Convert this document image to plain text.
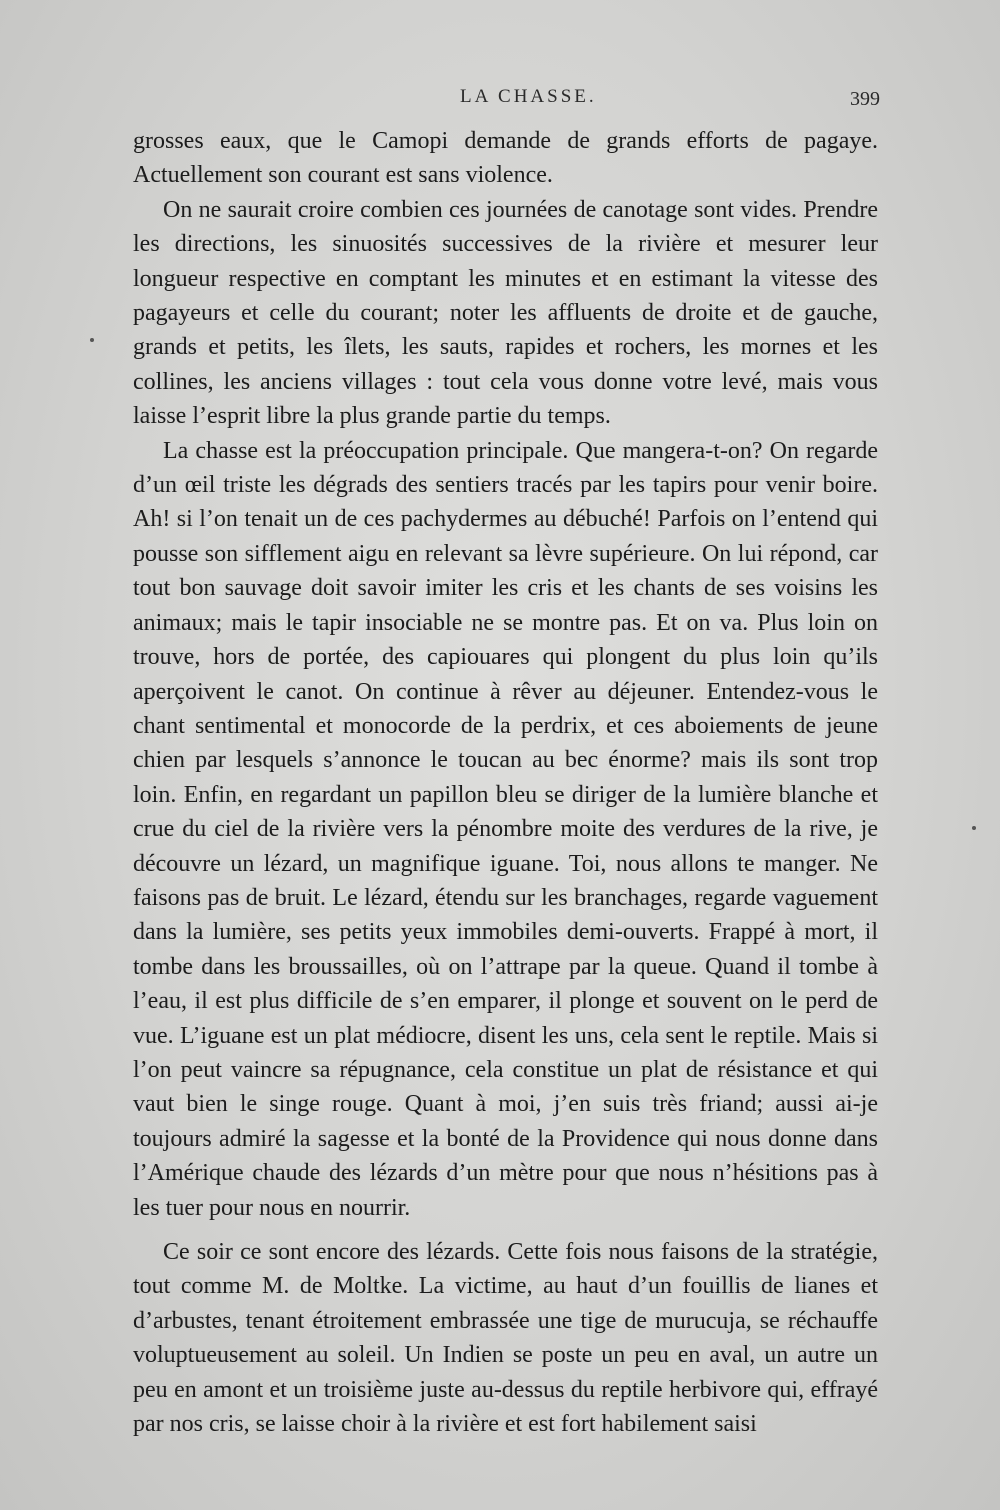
LA CHASSE.	399

grosses eaux, que le Camopi demande de grands efforts de pagaye. Actuellement son courant est sans violence.

On ne saurait croire combien ces journées de canotage sont vides. Prendre les directions, les sinuosités successives de la rivière et mesurer leur longueur respective en comptant les minutes et en estimant la vitesse des pagayeurs et celle du courant; noter les affluents de droite et de gauche, grands et petits, les îlets, les sauts, rapides et rochers, les mornes et les collines, les anciens villages : tout cela vous donne votre levé, mais vous laisse l’esprit libre la plus grande partie du temps.

La chasse est la préoccupation principale. Que mangera-t-on? On regarde d’un œil triste les dégrads des sentiers tracés par les tapirs pour venir boire. Ah! si l’on tenait un de ces pachydermes au débuché! Parfois on l’entend qui pousse son sifflement aigu en relevant sa lèvre supérieure. On lui répond, car tout bon sauvage doit savoir imiter les cris et les chants de ses voisins les animaux; mais le tapir insociable ne se montre pas. Et on va. Plus loin on trouve, hors de portée, des capiouares qui plongent du plus loin qu’ils aperçoivent le canot. On continue à rêver au déjeuner. Entendez-vous le chant sentimental et monocorde de la perdrix, et ces aboiements de jeune chien par lesquels s’annonce le toucan au bec énorme? mais ils sont trop loin. Enfin, en regardant un papillon bleu se diriger de la lumière blanche et crue du ciel de la rivière vers la pénombre moite des verdures de la rive, je découvre un lézard, un magnifique iguane. Toi, nous allons te manger. Ne faisons pas de bruit. Le lézard, étendu sur les branchages, regarde vaguement dans la lumière, ses petits yeux immobiles demi-ouverts. Frappé à mort, il tombe dans les broussailles, où on l’attrape par la queue. Quand il tombe à l’eau, il est plus difficile de s’en emparer, il plonge et souvent on le perd de vue. L’iguane est un plat médiocre, disent les uns, cela sent le reptile. Mais si l’on peut vaincre sa répugnance, cela constitue un plat de résistance et qui vaut bien le singe rouge. Quant à moi, j’en suis très friand; aussi ai-je toujours admiré la sagesse et la bonté de la Providence qui nous donne dans l’Amérique chaude des lézards d’un mètre pour que nous n’hésitions pas à les tuer pour nous en nourrir.

Ce soir ce sont encore des lézards. Cette fois nous faisons de la stratégie, tout comme M. de Moltke. La victime, au haut d’un fouillis de lianes et d’arbustes, tenant étroitement embrassée une tige de murucuja, se réchauffe voluptueusement au soleil. Un Indien se poste un peu en aval, un autre un peu en amont et un troisième juste au-dessus du reptile herbivore qui, effrayé par nos cris, se laisse choir à la rivière et est fort habilement saisi
